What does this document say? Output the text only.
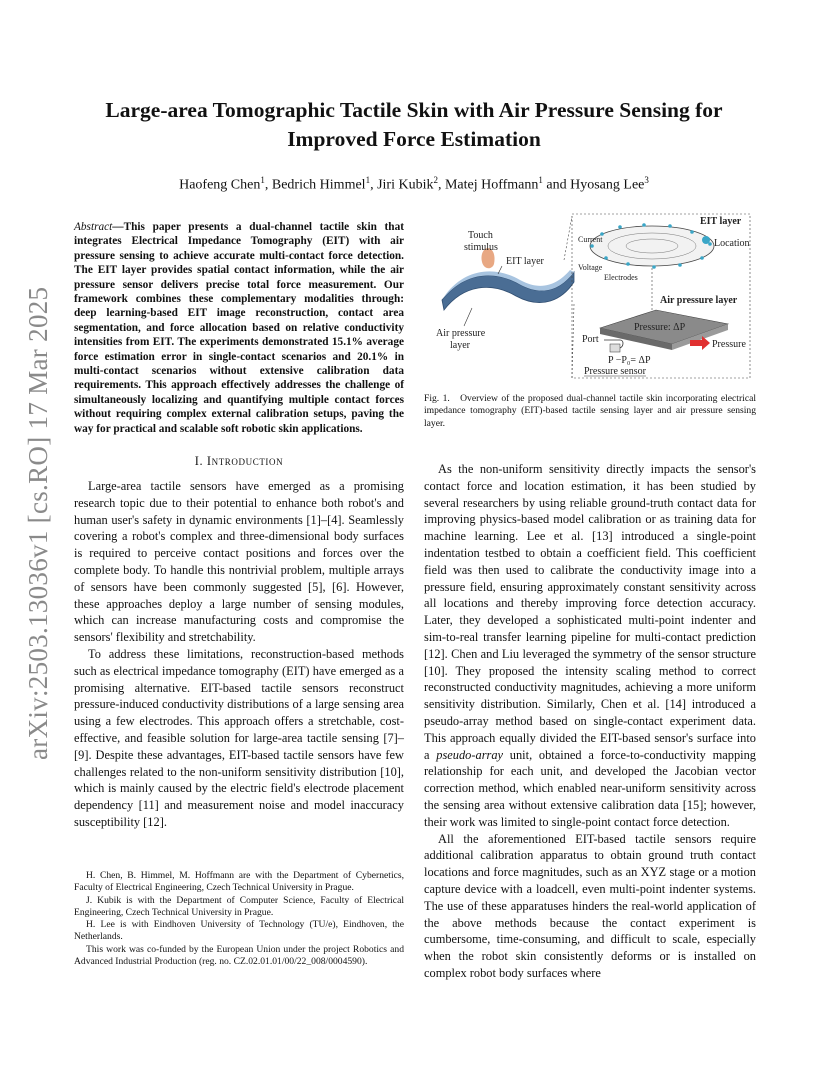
arXiv:2503.13036v1 [cs.RO] 17 Mar 2025
Large-area Tomographic Tactile Skin with Air Pressure Sensing for Improved Force Estimation
Haofeng Chen$^1$, Bedrich Himmel$^1$, Jiri Kubik$^2$, Matej Hoffmann$^1$ and Hyosang Lee$^3$
Abstract—This paper presents a dual-channel tactile skin that integrates Electrical Impedance Tomography (EIT) with air pressure sensing to achieve accurate multi-contact force detection. The EIT layer provides spatial contact information, while the air pressure sensor delivers precise total force measurement. Our framework combines these complementary modalities through: deep learning-based EIT image reconstruction, contact area segmentation, and force allocation based on relative conductivity intensities from EIT. The experiments demonstrated 15.1% average force estimation error in single-contact scenarios and 20.1% in multi-contact scenarios without extensive calibration data requirements. This approach effectively addresses the challenge of simultaneously localizing and quantifying multiple contact forces without requiring complex external calibration setups, paving the way for practical and scalable soft robotic skin applications.
I. Introduction

Large-area tactile sensors have emerged as a promising research topic due to their potential to enhance both robot's and human user's safety in dynamic environments [1]–[4]. Seamlessly covering a robot's complex and three-dimensional body surfaces is required to perceive contact positions and forces over the complete body. To handle this nontrivial problem, multiple arrays of sensors have been commonly suggested [5], [6]. However, these approaches deploy a large number of sensing modules, which can increase manufacturing costs and compromise the sensors' flexibility and stretchability.

To address these limitations, reconstruction-based methods such as electrical impedance tomography (EIT) have emerged as a promising alternative. EIT-based tactile sensors reconstruct pressure-induced conductivity distributions of a large sensing area using a few electrodes. This approach offers a stretchable, cost-effective, and feasible solution for large-area tactile sensing [7]–[9]. Despite these advantages, EIT-based tactile sensors have few challenges related to the non-uniform sensitivity distribution [10], which is mainly caused by the electric field's electrode placement dependency [11] and measurement noise and model inaccuracy susceptibility [12].

H. Chen, B. Himmel, M. Hoffmann are with the Department of Cybernetics, Faculty of Electrical Engineering, Czech Technical University in Prague.

J. Kubik is with the Department of Computer Science, Faculty of Electrical Engineering, Czech Technical University in Prague.

H. Lee is with Eindhoven University of Technology (TU/e), Eindhoven, the Netherlands.

This work was co-funded by the European Union under the project Robotics and Advanced Industrial Production (reg. no. CZ.02.01.01/00/22_008/0004590).

Touch
stimulus
EIT layer
Air pressure
layer
EIT layer
Current
Voltage
Electrodes
Location
Air pressure layer
Pressure: ΔP
Pressure
Port
P −P₀= ΔP
Pressure sensor
Fig. 1. Overview of the proposed dual-channel tactile skin incorporating electrical impedance tomography (EIT)-based tactile sensing layer and air pressure sensing layer.

As the non-uniform sensitivity directly impacts the sensor's contact force and location estimation, it has been studied by several researchers by using reliable ground-truth contact data for improving physics-based model calibration or as training data for machine learning. Lee et al. [13] introduced a single-point indentation testbed to obtain a coefficient field. This coefficient field was then used to calibrate the conductivity image into a pressure field, ensuring approximately constant sensitivity across all locations and thereby improving force detection accuracy. Later, they developed a sophisticated multi-point indenter and sim-to-real transfer learning pipeline for multi-contact prediction [12]. Chen and Liu leveraged the symmetry of the sensor structure [10]. They proposed the intensity scaling method to correct reconstructed conductivity magnitudes, achieving a more uniform sensitivity distribution. Similarly, Chen et al. [14] introduced a pseudo-array method based on single-contact experiment data. This approach equally divided the EIT-based sensor's surface into a pseudo-array unit, obtained a force-to-conductivity mapping relationship for each unit, and developed the Jacobian vector correction method, which enabled near-uniform sensitivity across the sensing area without extensive calibration data [15]; however, their work was limited to single-point contact force detection.

All the aforementioned EIT-based tactile sensors require additional calibration apparatus to obtain ground truth contact locations and force magnitudes, such as an XYZ stage or a motion capture device with a loadcell, even multi-point indenter systems. The use of these apparatuses hinders the real-world application of the above methods because the contact experiment is cumbersome, time-consuming, and difficult to scale, especially when the robot skin consistently deforms or is installed on complex robot body surfaces where
